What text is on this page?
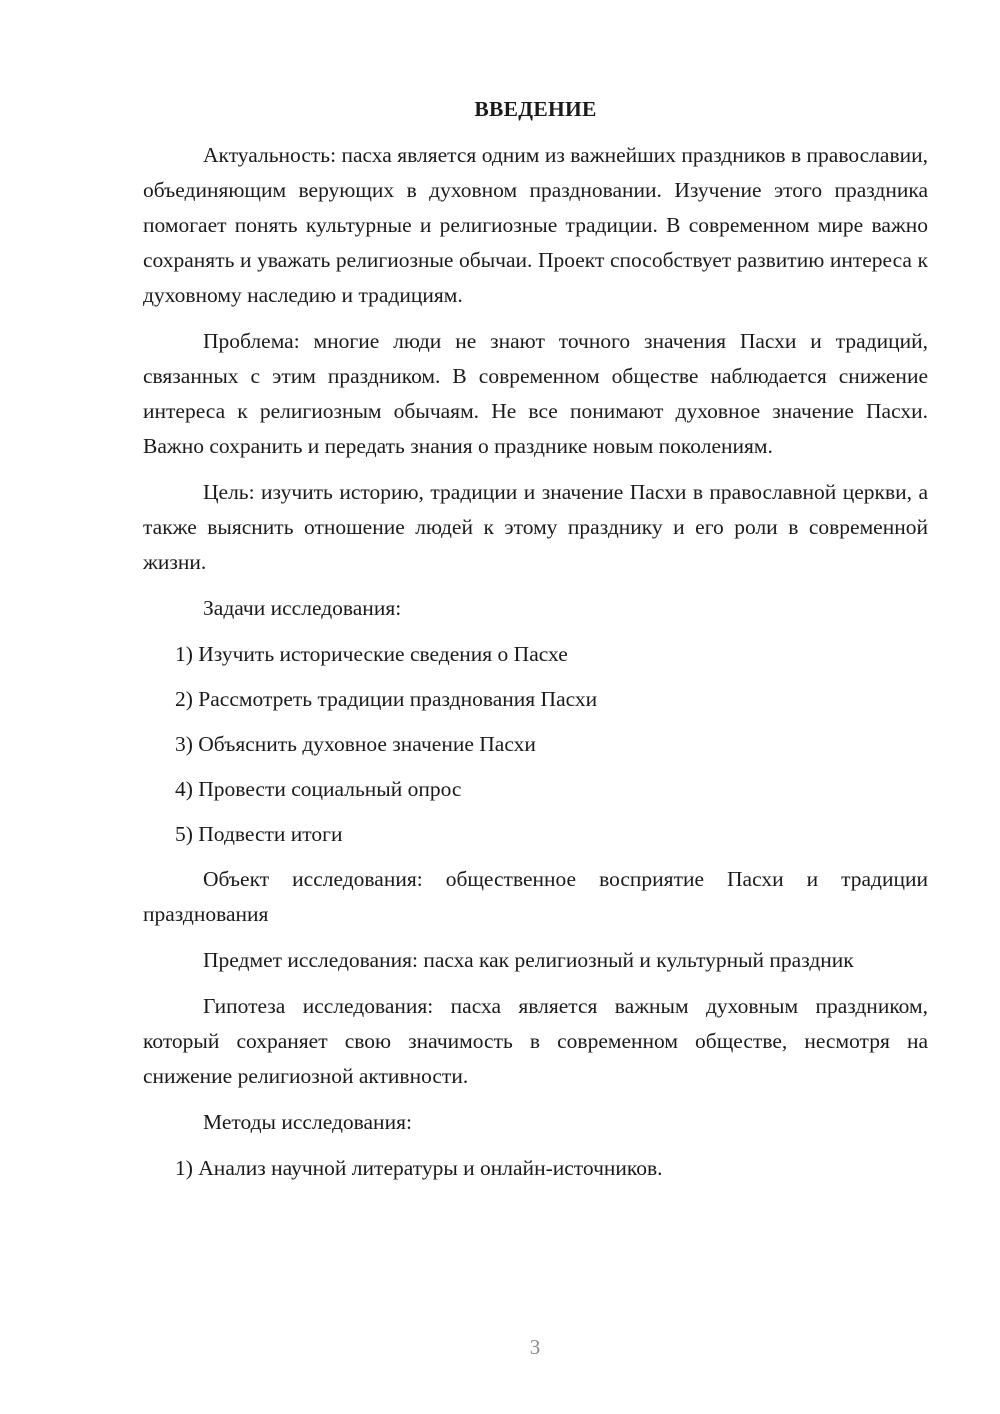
ВВЕДЕНИЕ

Актуальность: пасха является одним из важнейших праздников в православии, объединяющим верующих в духовном праздновании. Изучение этого праздника помогает понять культурные и религиозные традиции. В современном мире важно сохранять и уважать религиозные обычаи. Проект способствует развитию интереса к духовному наследию и традициям.

Проблема: многие люди не знают точного значения Пасхи и традиций, связанных с этим праздником. В современном обществе наблюдается снижение интереса к религиозным обычаям. Не все понимают духовное значение Пасхи. Важно сохранить и передать знания о празднике новым поколениям.

Цель: изучить историю, традиции и значение Пасхи в православной церкви, а также выяснить отношение людей к этому празднику и его роли в современной жизни.

Задачи исследования:

1) Изучить исторические сведения о Пасхе

2) Рассмотреть традиции празднования Пасхи

3) Объяснить духовное значение Пасхи

4) Провести социальный опрос

5) Подвести итоги

Объект исследования: общественное восприятие Пасхи и традиции празднования

Предмет исследования: пасха как религиозный и культурный праздник

Гипотеза исследования: пасха является важным духовным праздником, который сохраняет свою значимость в современном обществе, несмотря на снижение религиозной активности.

Методы исследования:

1) Анализ научной литературы и онлайн-источников.

3
